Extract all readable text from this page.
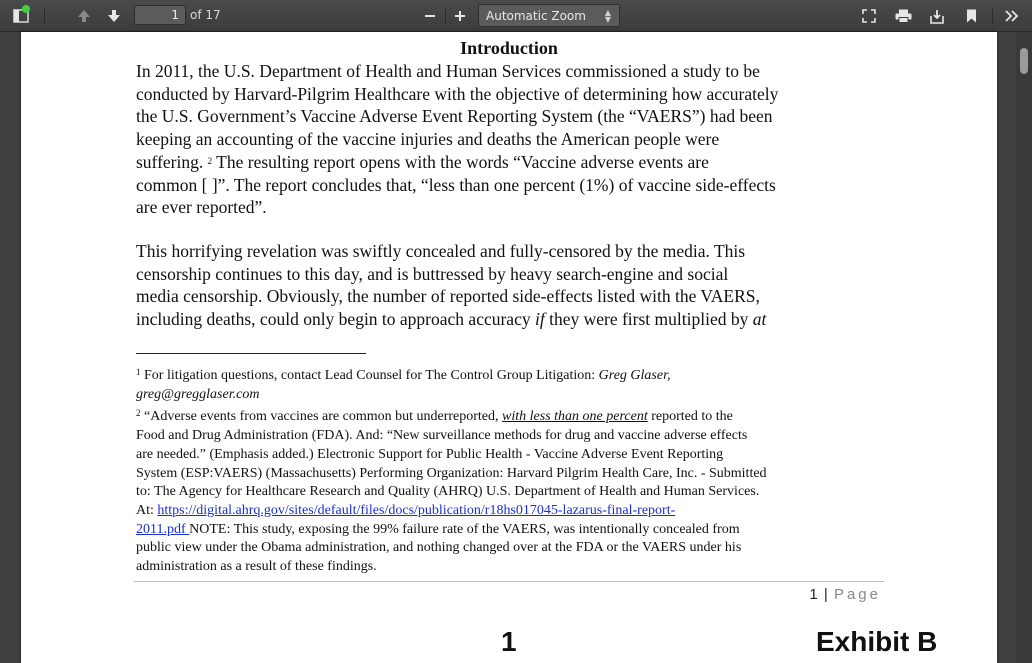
1
of 17	Automatic Zoom ▲
▼
Introduction

In 2011, the U.S. Department of Health and Human Services commissioned a study to be

conducted by Harvard-Pilgrim Healthcare with the objective of determining how accurately

the U.S. Government’s Vaccine Adverse Event Reporting System (the “VAERS”) had been

keeping an accounting of the vaccine injuries and deaths the American people were

suffering. $^2$ The resulting report opens with the words “Vaccine adverse events are

common [ ]”. The report concludes that, “less than one percent (1%) of vaccine side-effects

are ever reported”.

This horrifying revelation was swiftly concealed and fully-censored by the media. This

censorship continues to this day, and is buttressed by heavy search-engine and social

media censorship. Obviously, the number of reported side-effects listed with the VAERS,

including deaths, could only begin to approach accuracy if they were first multiplied by at

$^1$ For litigation questions, contact Lead Counsel for The Control Group Litigation: Greg Glaser,

greg@gregglaser.com

$^2$ “Adverse events from vaccines are common but underreported, with less than one percent reported to the

Food and Drug Administration (FDA). And: “New surveillance methods for drug and vaccine adverse effects

are needed.” (Emphasis added.) Electronic Support for Public Health - Vaccine Adverse Event Reporting

System (ESP:VAERS) (Massachusetts) Performing Organization: Harvard Pilgrim Health Care, Inc. - Submitted

to: The Agency for Healthcare Research and Quality (AHRQ) U.S. Department of Health and Human Services.

At: https://digital.ahrq.gov/sites/default/files/docs/publication/r18hs017045-lazarus-final-report-

2011.pdf NOTE: This study, exposing the 99% failure rate of the VAERS, was intentionally concealed from

public view under the Obama administration, and nothing changed over at the FDA or the VAERS under his

administration as a result of these findings.

1 | Page
1	Exhibit B
